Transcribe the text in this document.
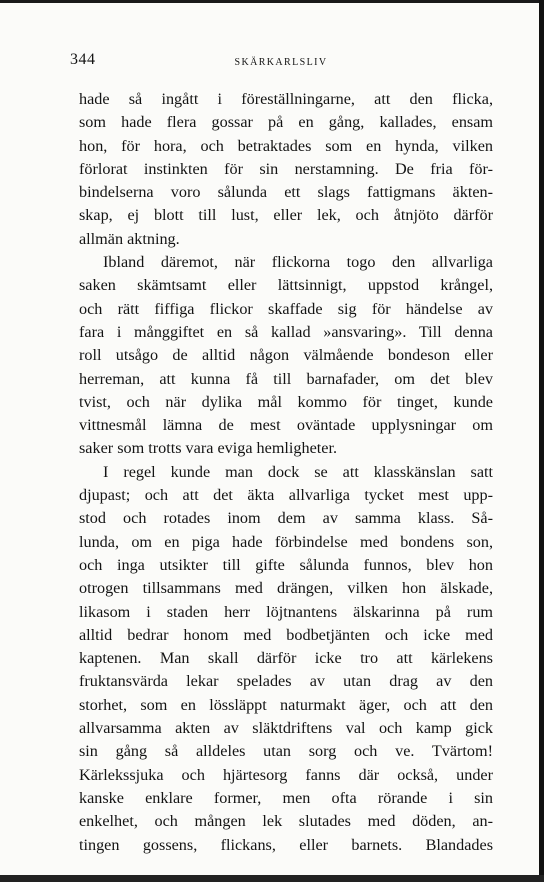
344	SKÄRKARLSLIV
hade så ingått i föreställningarne, att den flicka,
som hade flera gossar på en gång, kallades, ensam
hon, för hora, och betraktades som en hynda, vilken
förlorat instinkten för sin nerstamning. De fria för-
bindelserna voro sålunda ett slags fattigmans äkten-
skap, ej blott till lust, eller lek, och åtnjöto därför
allmän aktning.
Ibland däremot, när flickorna togo den allvarliga
saken skämtsamt eller lättsinnigt, uppstod krångel,
och rätt fiffiga flickor skaffade sig för händelse av
fara i månggiftet en så kallad »ansvaring». Till denna
roll utsågo de alltid någon välmående bondeson eller
herreman, att kunna få till barnafader, om det blev
tvist, och när dylika mål kommo för tinget, kunde
vittnesmål lämna de mest oväntade upplysningar om
saker som trotts vara eviga hemligheter.
I regel kunde man dock se att klasskänslan satt
djupast; och att det äkta allvarliga tycket mest upp-
stod och rotades inom dem av samma klass. Så-
lunda, om en piga hade förbindelse med bondens son,
och inga utsikter till gifte sålunda funnos, blev hon
otrogen tillsammans med drängen, vilken hon älskade,
likasom i staden herr löjtnantens älskarinna på rum
alltid bedrar honom med bodbetjänten och icke med
kaptenen. Man skall därför icke tro att kärlekens
fruktansvärda lekar spelades av utan drag av den
storhet, som en lössläppt naturmakt äger, och att den
allvarsamma akten av släktdriftens val och kamp gick
sin gång så alldeles utan sorg och ve. Tvärtom!
Kärlekssjuka och hjärtesorg fanns där också, under
kanske enklare former, men ofta rörande i sin
enkelhet, och mången lek slutades med döden, an-
tingen gossens, flickans, eller barnets. Blandades
